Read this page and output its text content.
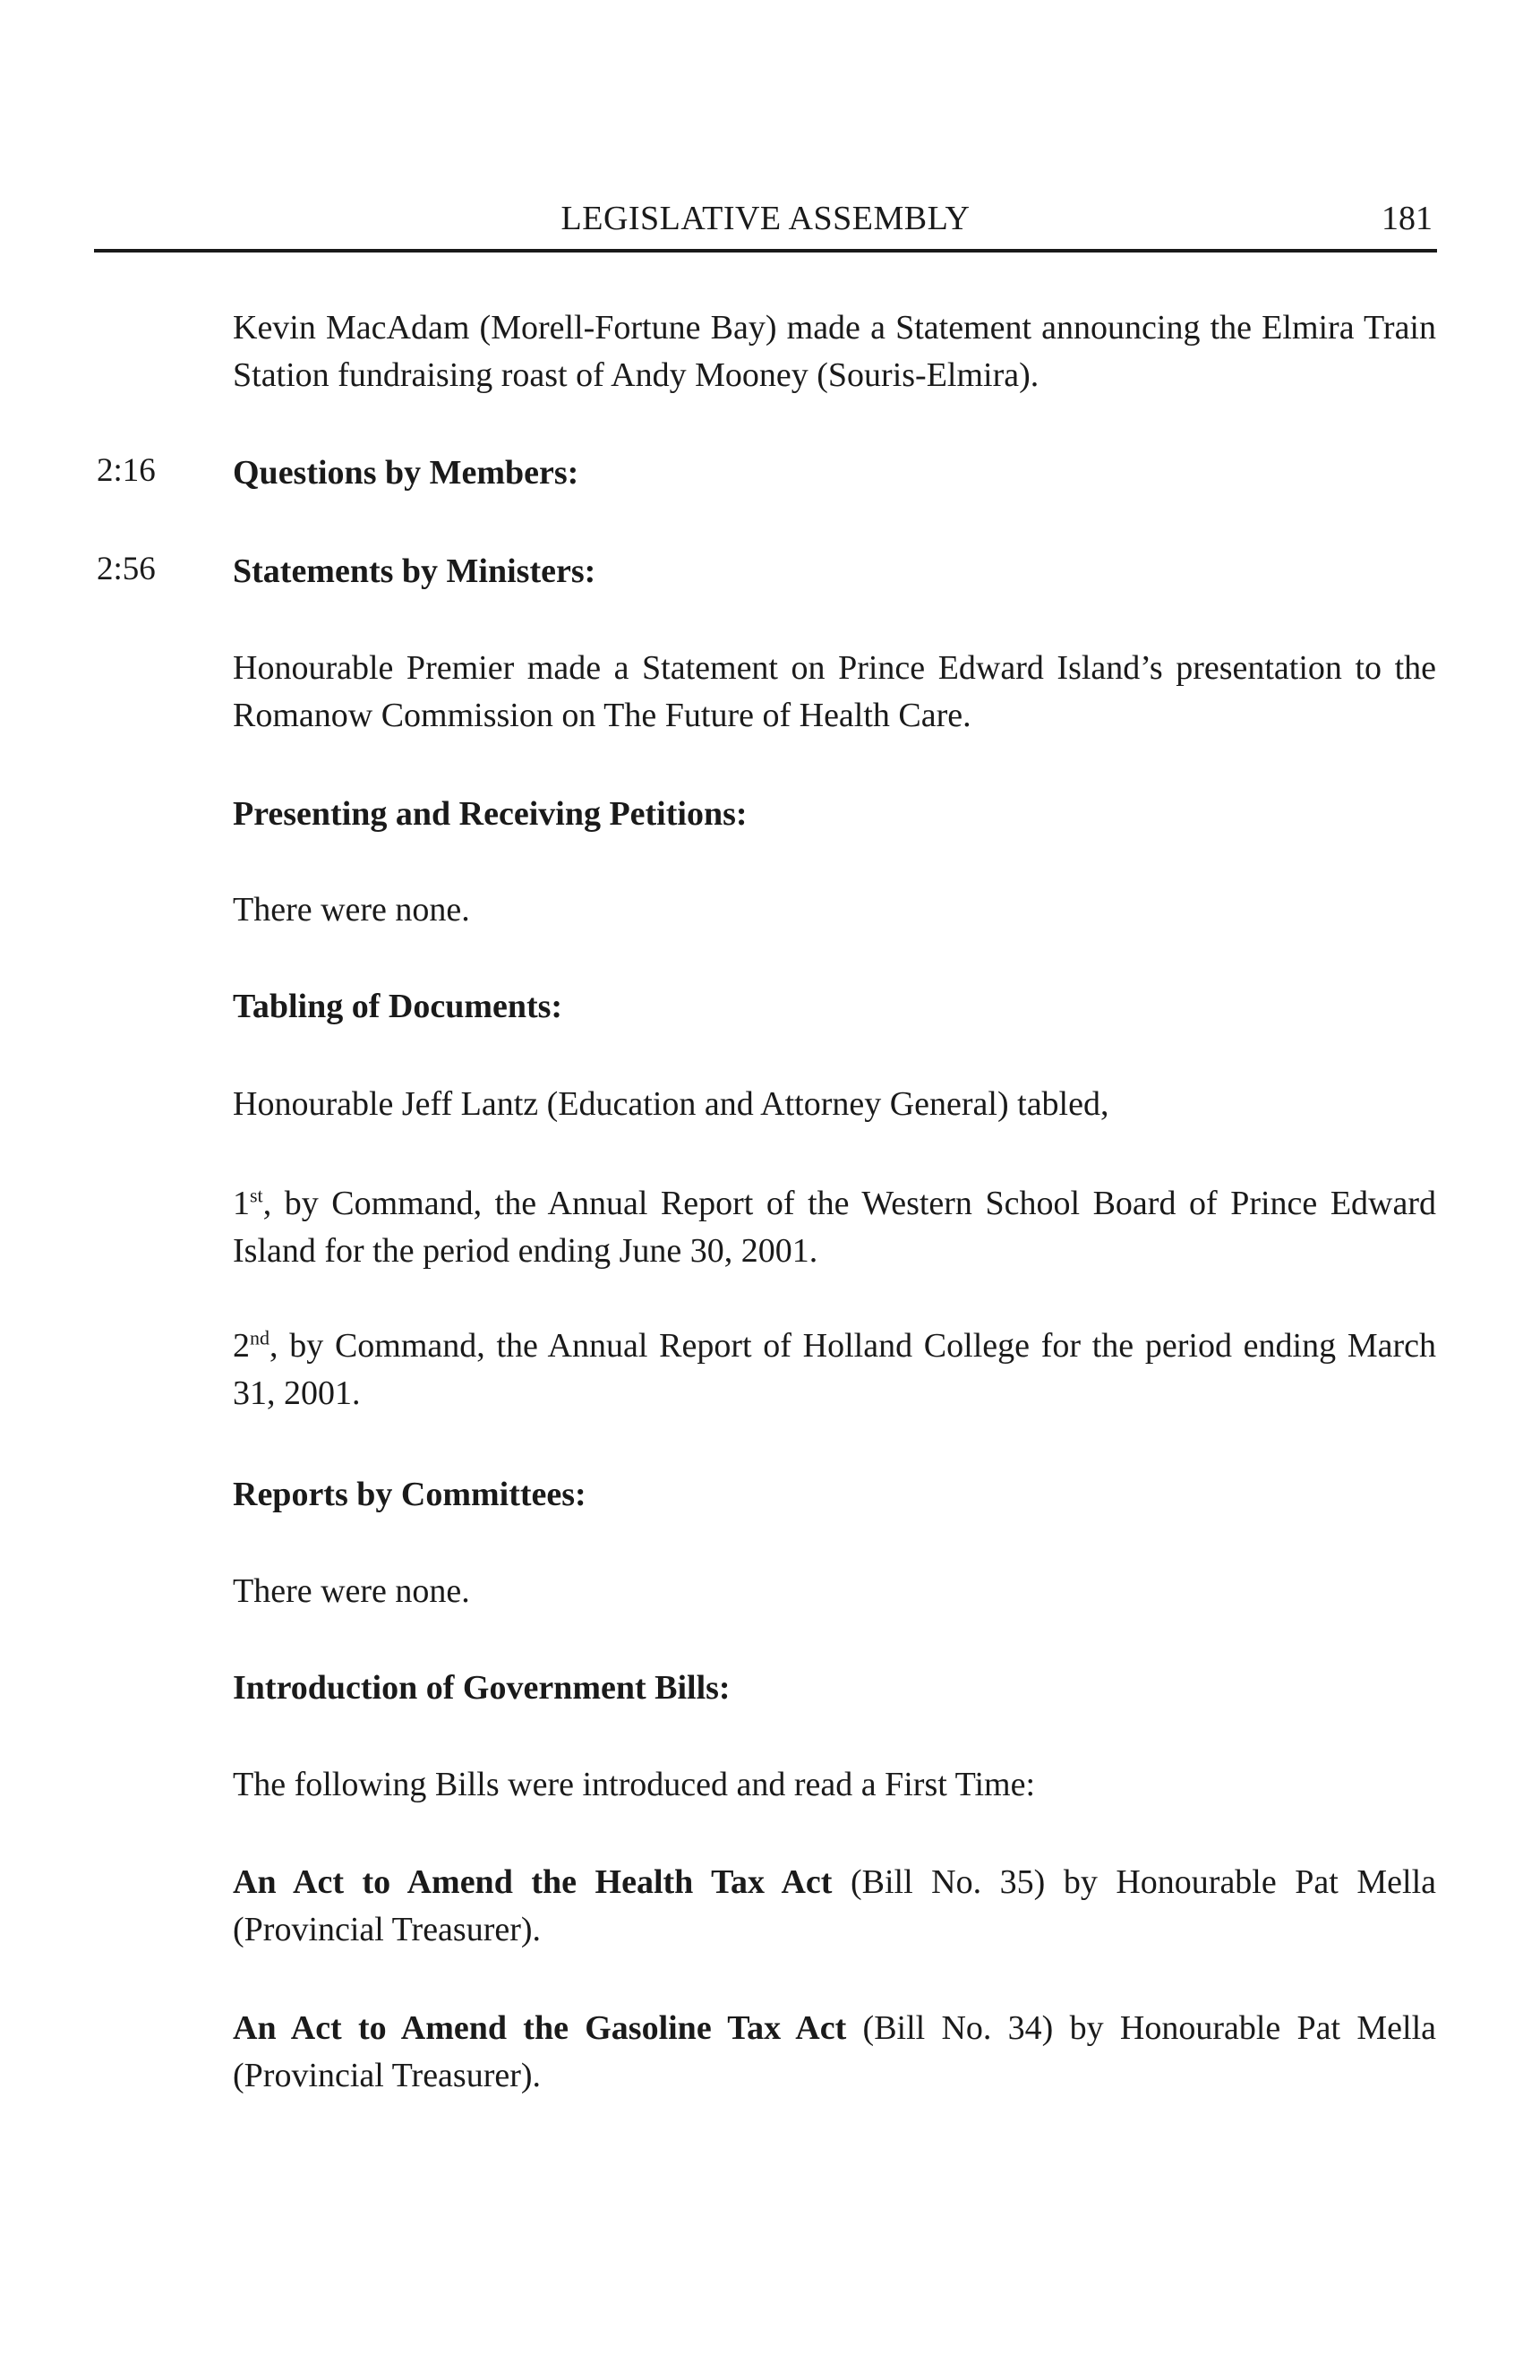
LEGISLATIVE ASSEMBLY	181

Kevin MacAdam (Morell-Fortune Bay) made a Statement announcing the Elmira Train Station fundraising roast of Andy Mooney (Souris-Elmira).

2:16 Questions by Members:

2:56 Statements by Ministers:

Honourable Premier made a Statement on Prince Edward Island’s presentation to the Romanow Commission on The Future of Health Care.

Presenting and Receiving Petitions:

There were none.

Tabling of Documents:

Honourable Jeff Lantz (Education and Attorney General) tabled,

1st, by Command, the Annual Report of the Western School Board of Prince Edward Island for the period ending June 30, 2001.

2nd, by Command, the Annual Report of Holland College for the period ending March 31, 2001.

Reports by Committees:

There were none.

Introduction of Government Bills:

The following Bills were introduced and read a First Time:

An Act to Amend the Health Tax Act (Bill No. 35) by Honourable Pat Mella (Provincial Treasurer).

An Act to Amend the Gasoline Tax Act (Bill No. 34) by Honourable Pat Mella (Provincial Treasurer).
